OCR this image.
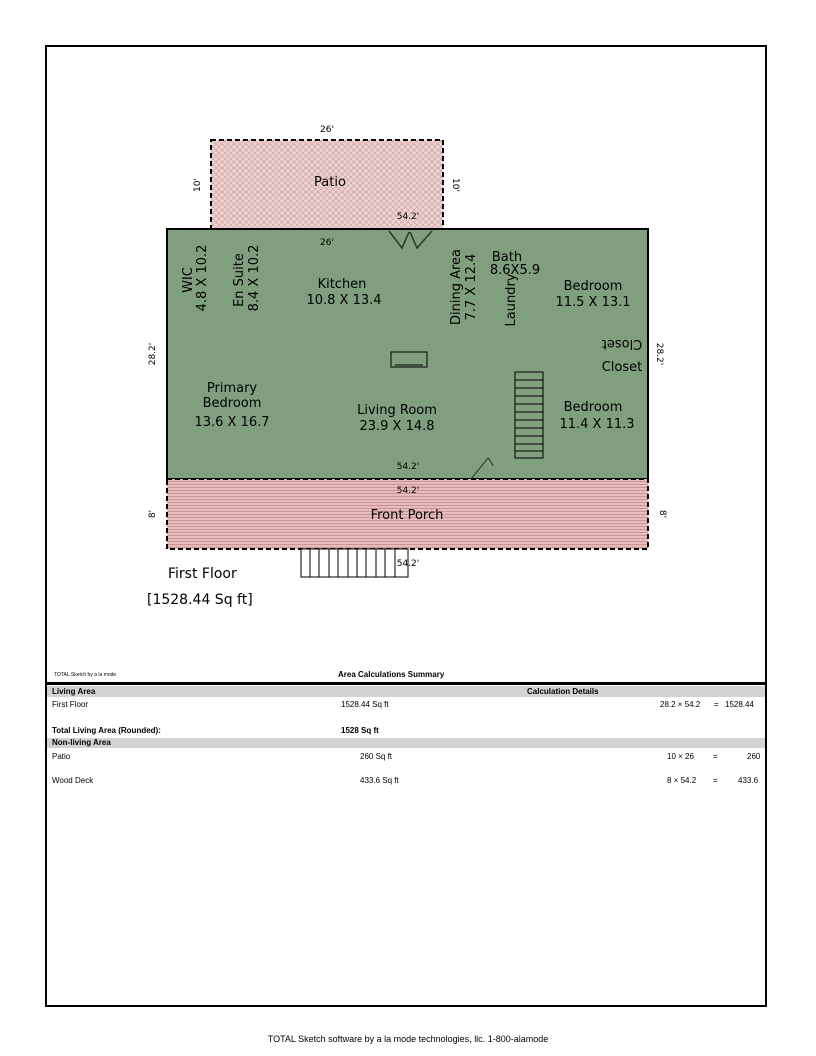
Patio
Kitchen
10.8 X 13.4
Bath
8.6X5.9
Bedroom
11.5 X 13.1
Closet
Closet
Primary
Bedroom
13.6 X 16.7
Living Room
23.9 X 14.8
Bedroom
11.4 X 11.3
Front Porch
WIC 4.8 X 10.2 En Suite 8.4 X 10.2	Dining Area 7.7 X 12.4 Laundry
26'
26'
10'	10'
54.2'
54.2'
28.2'	28.2'
54.2'
54.2'
8'	8'
First Floor
[1528.44 Sq ft]
TOTAL Sketch by a la mode	Area Calculations Summary
Living Area	Calculation Details
First Floor	1528.44 Sq ft	28.2 × 54.2 = 1528.44
Total Living Area (Rounded):	1528 Sq ft
Non-living Area
Patio	260 Sq ft	10 × 26 =	260
Wood Deck	433.6 Sq ft	8 × 54.2 =	433.6
TOTAL Sketch software by a la mode technologies, llc. 1-800-alamode
